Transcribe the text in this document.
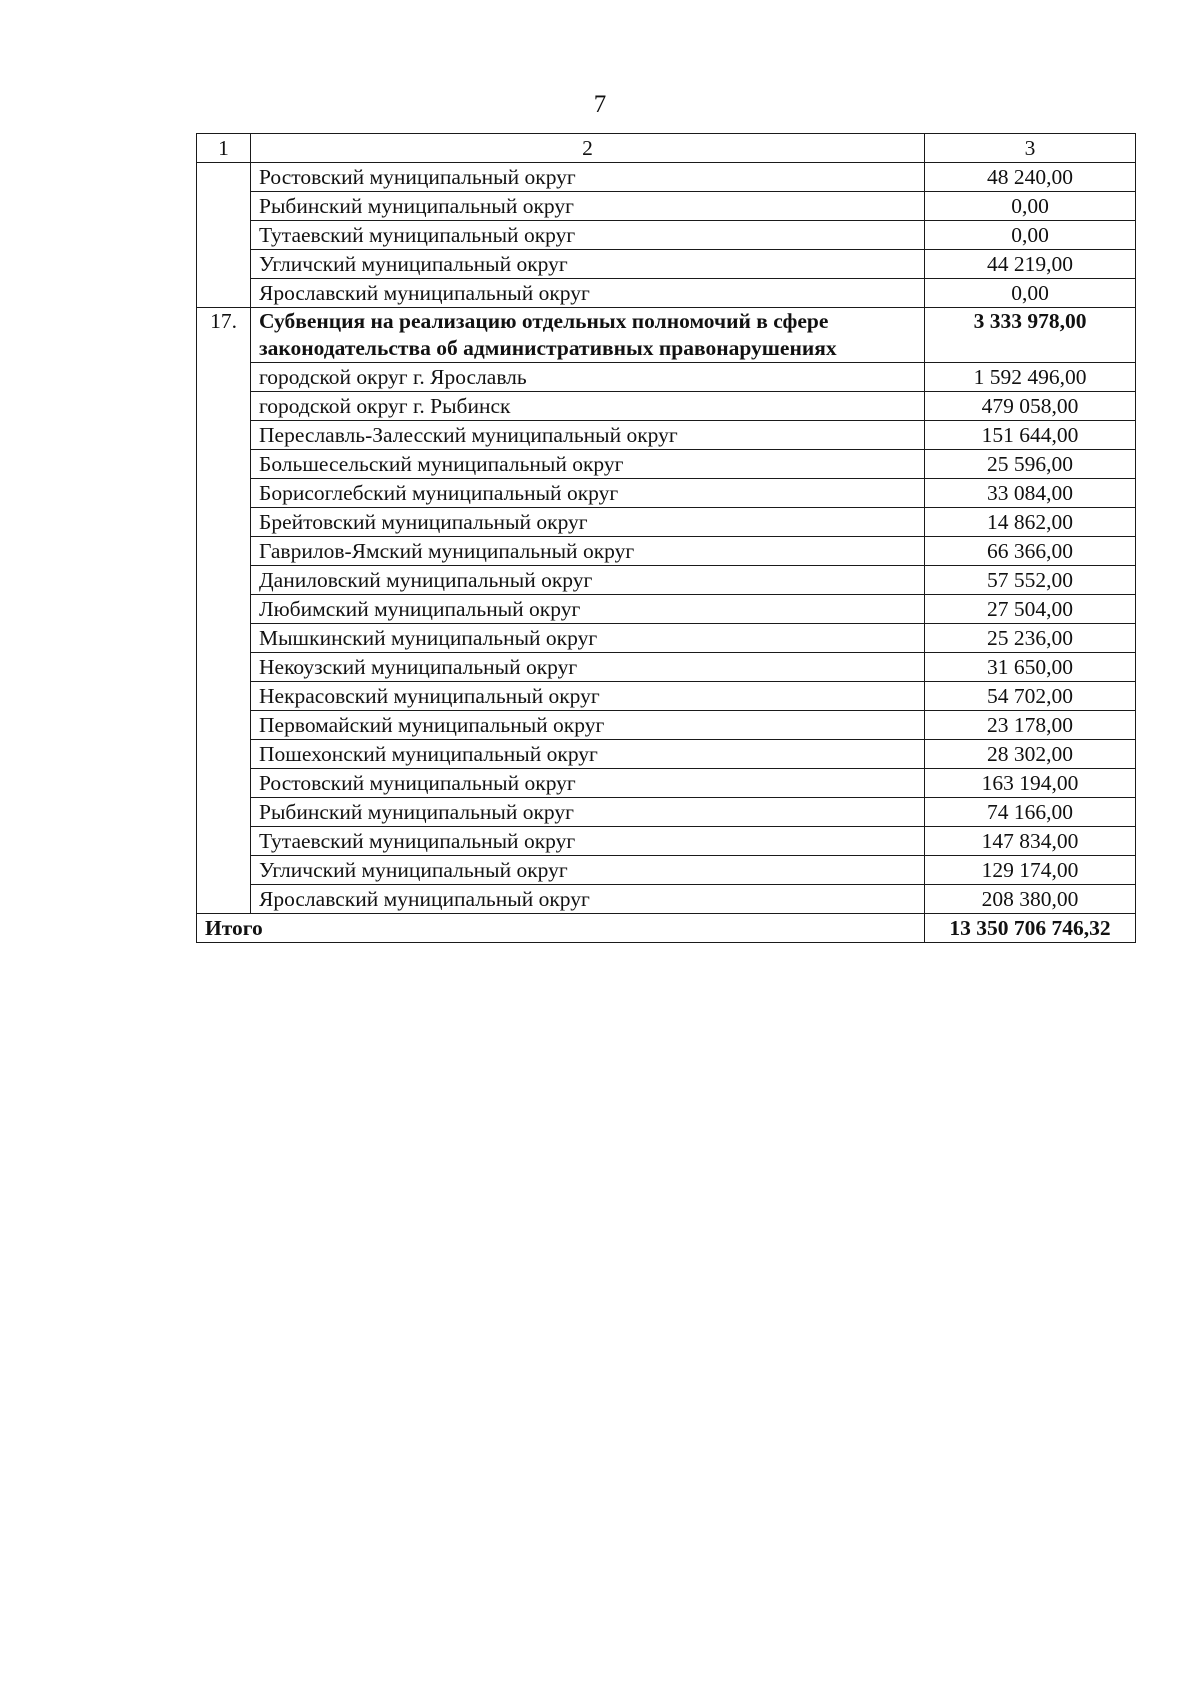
7
1	2	3
	Ростовский муниципальный округ	48 240,00
	Рыбинский муниципальный округ	0,00
	Тутаевский муниципальный округ	0,00
	Угличский муниципальный округ	44 219,00
	Ярославский муниципальный округ	0,00
17.	Субвенция на реализацию отдельных полномочий в сфере законодательства об административных правонарушениях	3 333 978,00
	городской округ г. Ярославль	1 592 496,00
	городской округ г. Рыбинск	479 058,00
	Переславль-Залесский муниципальный округ	151 644,00
	Большесельский муниципальный округ	25 596,00
	Борисоглебский муниципальный округ	33 084,00
	Брейтовский муниципальный округ	14 862,00
	Гаврилов-Ямский муниципальный округ	66 366,00
	Даниловский муниципальный округ	57 552,00
	Любимский муниципальный округ	27 504,00
	Мышкинский муниципальный округ	25 236,00
	Некоузский муниципальный округ	31 650,00
	Некрасовский муниципальный округ	54 702,00
	Первомайский муниципальный округ	23 178,00
	Пошехонский муниципальный округ	28 302,00
	Ростовский муниципальный округ	163 194,00
	Рыбинский муниципальный округ	74 166,00
	Тутаевский муниципальный округ	147 834,00
	Угличский муниципальный округ	129 174,00
	Ярославский муниципальный округ	208 380,00
Итого		13 350 706 746,32
